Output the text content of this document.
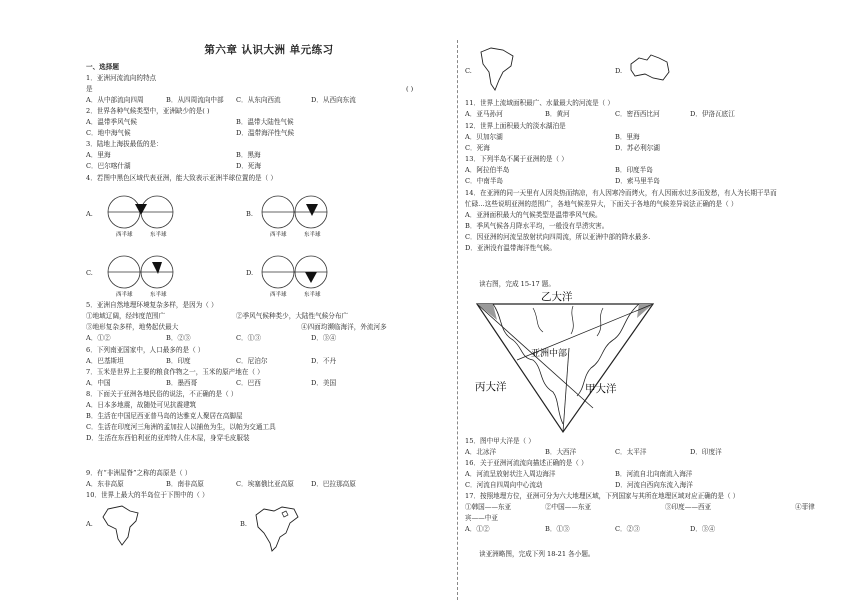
第六章 认识大洲 单元练习
一、选择题
1．亚洲河流流向的特点
是	( )
A．从中部流向四周	B．从四周流向中部 C．从东向西流	D．从西向东流
2．世界各种气候类型中，亚洲缺少的是( )
A．温带季风气候	B．温带大陆性气候
C．地中海气候	D．温带海洋性气候
3．陆地上海拔最低的是：
A．里海	B．黑海
C．巴尔喀什湖	D．死海
4．若图中黑色区域代表亚洲，能大致表示亚洲半球位置的是（ ）
A.
西半球	东半球
B.
西半球	东半球
C.
西半球	东半球
D.
西半球	东半球
5．亚洲自然地理环境复杂多样，是因为（ ）
①地域辽阔，经纬度范围广	②季风气候种类少，大陆性气候分布广
③地形复杂多样，地势起伏最大	④四面均濒临海洋，外流河多
A．①②	B．②③	C．①③	D．③④
6．下列南亚国家中，人口最多的是（ ）
A．巴基斯坦	B．印度	C．尼泊尔	D．不丹
7．玉米是世界上主要的粮食作物之一，玉米的原产地在（ ）
A．中国	B．墨西哥	C．巴西	D．美国
8．下面关于亚洲各地民俗的说法，不正确的是（ ）
A．日本多地震，故随处可见抗震建筑
B．生活在中国尼西亚普马岛的达雅克人聚居在高脚屋
C．生活在印度河三角洲的孟加拉人以捕鱼为生，以帕为交通工具
D．生活在东西伯利亚的亚库特人住木屋，身穿毛皮服装
9．有“非洲屋脊”之称的高原是（ ）
A．东非高原	B．南非高原	C．埃塞俄比亚高原	D．巴拉那高原
10．世界上最大的半岛位于下图中的（ ）
A.	B.
C.	D.
11．世界上流域面积最广、水量最大的河流是（ ）
A．亚马孙河	B．黄河	C．密西西比河	D．伊洛瓦底江
12．世界上面积最大的淡水湖泊是
A．贝加尔湖	B．里海
C．死海	D．苏必利尔湖
13．下列半岛不属于亚洲的是（ ）
A．阿拉伯半岛	B．印度半岛
C．中南半岛	D．索马里半岛
14．在亚洲的同一天里有人因炎热而纳凉，有人因寒冷而烤火，有人因雨水过多而发愁，有人为长期干旱而
忙碌…这些说明亚洲的范围广，各地气候差异大，下面关于各地的气候差异说法正确的是（ ）
A．亚洲面积最大的气候类型是温带季风气候。
B．季风气候各月降水平均，一般没有旱涝灾害。
C．因亚洲的河流呈放射状向四周流，所以亚洲中部的降水最多.
D．亚洲没有温带海洋性气候。
读右图，完成 15-17 题。
乙大洋
丙大洋	甲大洋
亚洲中部
15．图中甲大洋是（ ）
A．北冰洋	B．大西洋	C．太平洋	D．印度洋
16．关于亚洲河流流向描述正确的是（ ）
A．河流呈放射状注入周边海洋	B．河流自北向南流入海洋
C．河流自四周向中心流动	D．河流自西向东流入海洋
17．按照地理方位，亚洲可分为六大地理区域，下列国家与其所在地理区域对应正确的是（ ）
①韩国——东亚	②中国——东亚	③印度——西亚	④菲律
宾——中亚
A．①②	B．①③	C．②③	D．③④
读亚洲略图，完成下列 18-21 各小题。
